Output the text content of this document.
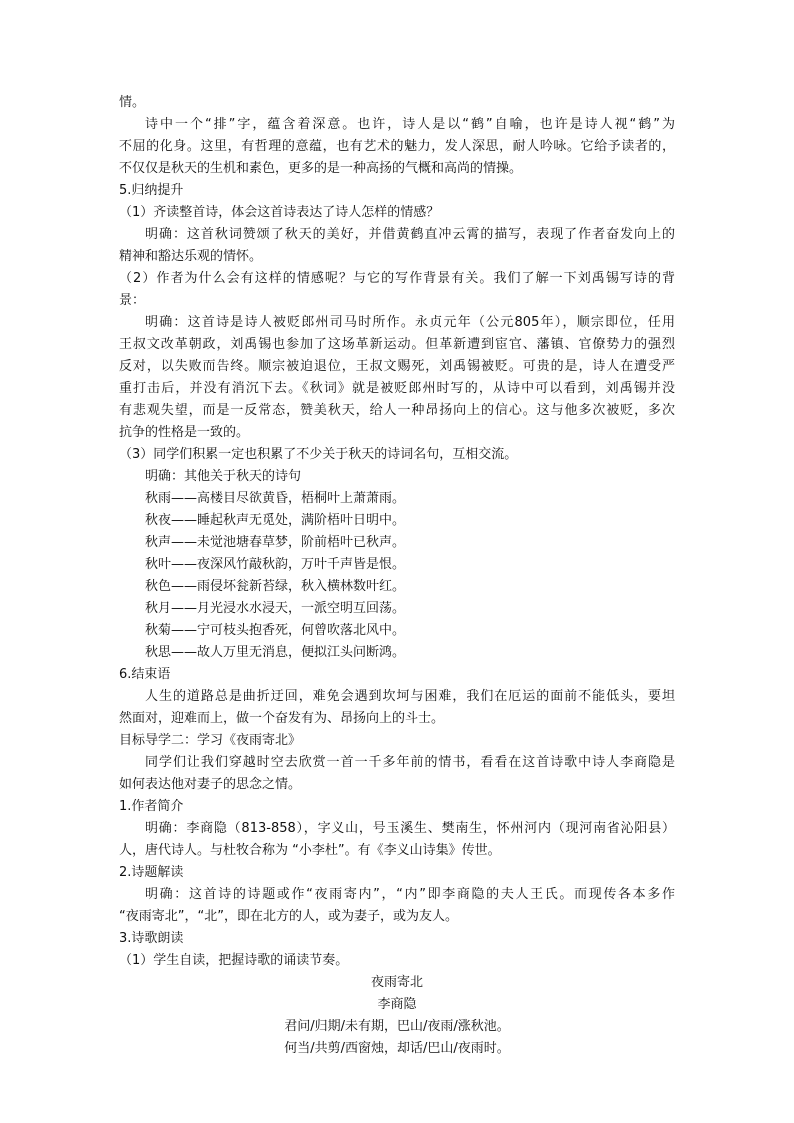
情。

诗中一个“排”字，蕴含着深意。也许，诗人是以“鹤”自喻，也许是诗人视“鹤”为

不屈的化身。这里，有哲理的意蕴，也有艺术的魅力，发人深思，耐人吟咏。它给予读者的，

不仅仅是秋天的生机和素色，更多的是一种高扬的气概和高尚的情操。

5.归纳提升

（1）齐读整首诗，体会这首诗表达了诗人怎样的情感？

明确：这首秋词赞颂了秋天的美好，并借黄鹤直冲云霄的描写，表现了作者奋发向上的

精神和豁达乐观的情怀。

（2）作者为什么会有这样的情感呢？与它的写作背景有关。我们了解一下刘禹锡写诗的背

景：

明确：这首诗是诗人被贬郎州司马时所作。永贞元年（公元805年），顺宗即位，任用

王叔文改革朝政，刘禹锡也参加了这场革新运动。但革新遭到宦官、藩镇、官僚势力的强烈

反对，以失败而告终。顺宗被迫退位，王叔文赐死，刘禹锡被贬。可贵的是，诗人在遭受严

重打击后，并没有消沉下去。《秋词》就是被贬郎州时写的，从诗中可以看到，刘禹锡并没

有悲观失望，而是一反常态，赞美秋天，给人一种昂扬向上的信心。这与他多次被贬，多次

抗争的性格是一致的。

（3）同学们积累一定也积累了不少关于秋天的诗词名句，互相交流。

明确：其他关于秋天的诗句

秋雨——高楼目尽欲黄昏，梧桐叶上萧萧雨。

秋夜——睡起秋声无觅处，满阶梧叶日明中。

秋声——未觉池塘春草梦，阶前梧叶已秋声。

秋叶——夜深风竹敲秋韵，万叶千声皆是恨。

秋色——雨侵坏瓮新苔绿，秋入横林数叶红。

秋月——月光浸水水浸天，一派空明互回荡。

秋菊——宁可枝头抱香死，何曾吹落北风中。

秋思——故人万里无消息，便拟江头问断鸿。

6.结束语

人生的道路总是曲折迂回，难免会遇到坎坷与困难，我们在厄运的面前不能低头，要坦

然面对，迎难而上，做一个奋发有为、昂扬向上的斗士。

目标导学二：学习《夜雨寄北》

同学们让我们穿越时空去欣赏一首一千多年前的情书，看看在这首诗歌中诗人李商隐是

如何表达他对妻子的思念之情。

1.作者简介

明确：李商隐（813-858），字义山，号玉溪生、樊南生，怀州河内（现河南省沁阳县）

人，唐代诗人。与杜牧合称为 “小李杜”。有《李义山诗集》传世。

2.诗题解读

明确：这首诗的诗题或作“夜雨寄内”，“内”即李商隐的夫人王氏。而现传各本多作

“夜雨寄北”，“北”，即在北方的人，或为妻子，或为友人。

3.诗歌朗读

（1）学生自读，把握诗歌的诵读节奏。

夜雨寄北

李商隐

君问/归期/未有期，巴山/夜雨/涨秋池。

何当/共剪/西窗烛，却话/巴山/夜雨时。
